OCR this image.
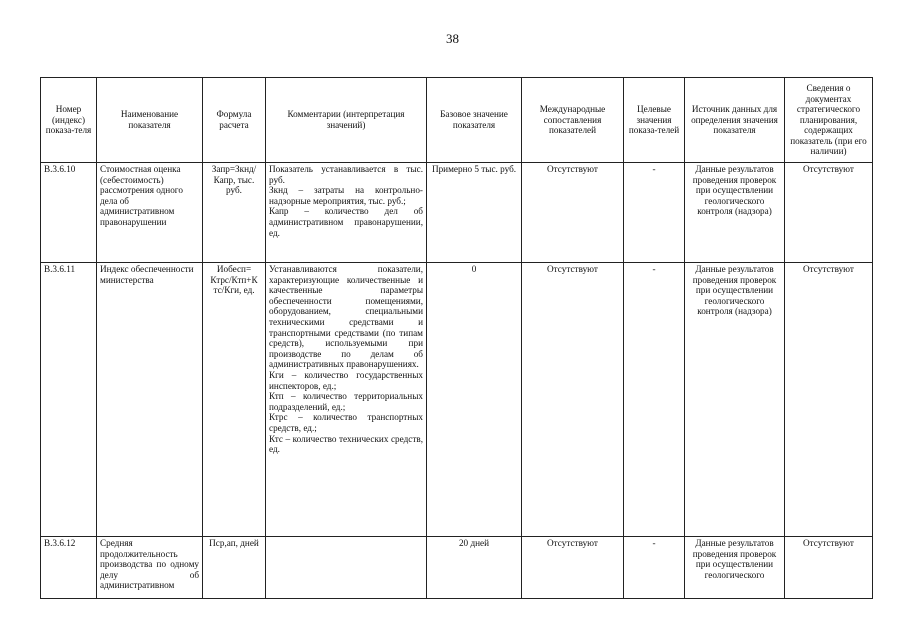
38
Номер (индекс) показа-теля	Наименование показателя	Формула расчета	Комментарии (интерпретация значений)	Базовое значение показателя	Международные сопоставления показателей	Целевые значения показа-телей	Источник данных для определения значения показателя	Сведения о документах стратегического планирования, содержащих показатель (при его наличии)
В.3.6.10	Стоимостная оценка (себестоимость) рассмотрения одного дела об административном правонарушении	Запр=Зкнд/ Капр, тыс. руб.	Показатель устанавливается в тыс. руб.
Зкнд – затраты на контрольно-надзорные мероприятия, тыс. руб.;
Капр – количество дел об административном правонарушении, ед.	Примерно 5 тыс. руб.	Отсутствуют	-	Данные результатов проведения проверок при осуществлении геологического контроля (надзора)	Отсутствуют
В.3.6.11	Индекс обеспеченности министерства	Иобесп= Ктрс/Ктп+К тс/Кги, ед.	Устанавливаются показатели, характеризующие количественные и качественные параметры обеспеченности помещениями, оборудованием, специальными техническими средствами и транспортными средствами (по типам средств), используемыми при производстве по делам об административных правонарушениях.
Кги – количество государственных инспекторов, ед.;
Ктп – количество территориальных подразделений, ед.;
Ктрс – количество транспортных средств, ед.;
Ктс – количество технических средств, ед.	0	Отсутствуют	-	Данные результатов проведения проверок при осуществлении геологического контроля (надзора)	Отсутствуют
В.3.6.12	Средняя продолжительность производства по одному делу об административном	Пср,ап, дней		20 дней	Отсутствуют	-	Данные результатов проведения проверок при осуществлении геологического	Отсутствуют
